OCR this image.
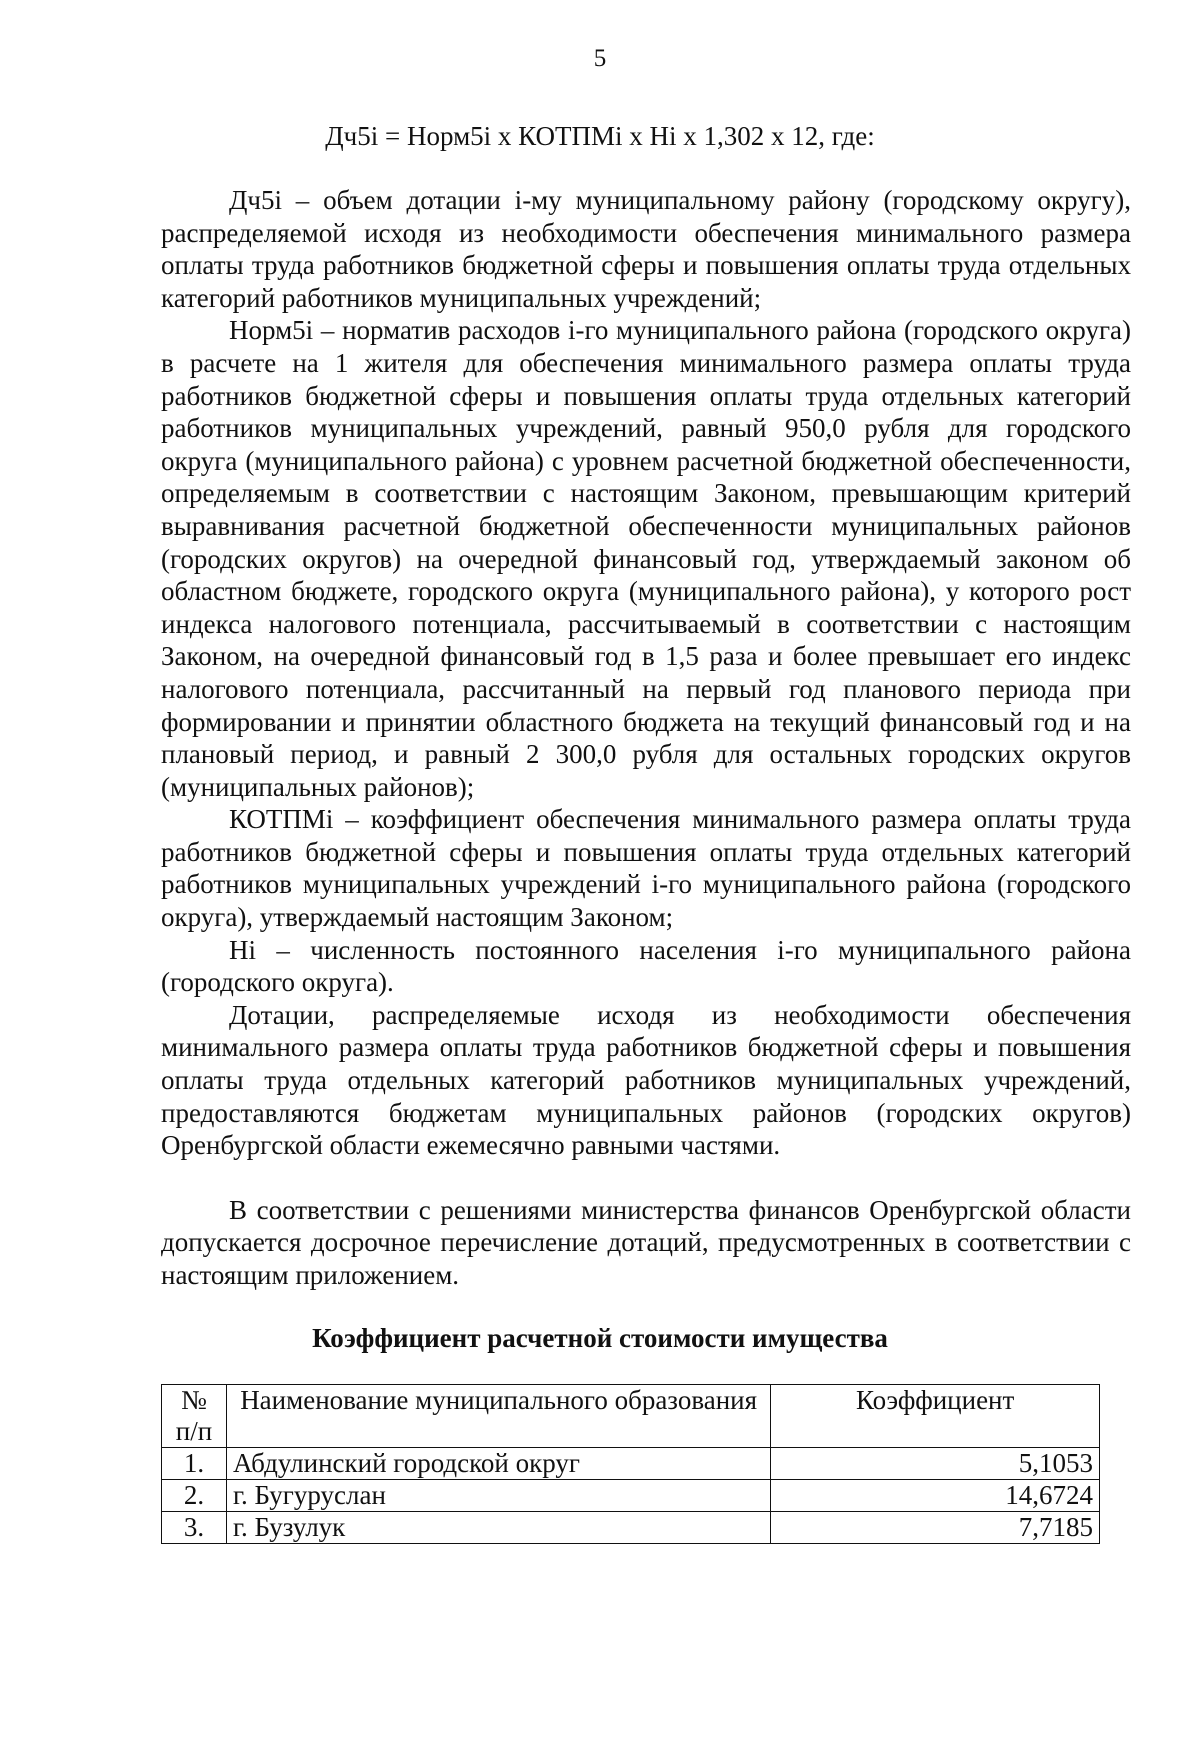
5
Дч5i = Норм5i x КОТПМi x Hi x 1,302 x 12, где:

Дч5i – объем дотации i-му муниципальному району (городскому округу), распределяемой исходя из необходимости обеспечения минимального размера оплаты труда работников бюджетной сферы и повышения оплаты труда отдельных категорий работников муниципальных учреждений;

Норм5i – норматив расходов i-го муниципального района (городского округа) в расчете на 1 жителя для обеспечения минимального размера оплаты труда работников бюджетной сферы и повышения оплаты труда отдельных категорий работников муниципальных учреждений, равный 950,0 рубля для городского округа (муниципального района) с уровнем расчетной бюджетной обеспеченности, определяемым в соответствии с настоящим Законом, превышающим критерий выравнивания расчетной бюджетной обеспеченности муниципальных районов (городских округов) на очередной финансовый год, утверждаемый законом об областном бюджете, городского округа (муниципального района), у которого рост индекса налогового потенциала, рассчитываемый в соответствии с настоящим Законом, на очередной финансовый год в 1,5 раза и более превышает его индекс налогового потенциала, рассчитанный на первый год планового периода при формировании и принятии областного бюджета на текущий финансовый год и на плановый период, и равный 2 300,0 рубля для остальных городских округов (муниципальных районов);

КОТПМi – коэффициент обеспечения минимального размера оплаты труда работников бюджетной сферы и повышения оплаты труда отдельных категорий работников муниципальных учреждений i-го муниципального района (городского округа), утверждаемый настоящим Законом;

Hi – численность постоянного населения i-го муниципального района (городского округа).

Дотации, распределяемые исходя из необходимости обеспечения минимального размера оплаты труда работников бюджетной сферы и повышения оплаты труда отдельных категорий работников муниципальных учреждений, предоставляются бюджетам муниципальных районов (городских округов) Оренбургской области ежемесячно равными частями.

В соответствии с решениями министерства финансов Оренбургской области допускается досрочное перечисление дотаций, предусмотренных в соответствии с настоящим приложением.

Коэффициент расчетной стоимости имущества
№ п/п	Наименование муниципального образования	Коэффициент
1.	Абдулинский городской округ	5,1053
2.	г. Бугуруслан	14,6724
3.	г. Бузулук	7,7185
